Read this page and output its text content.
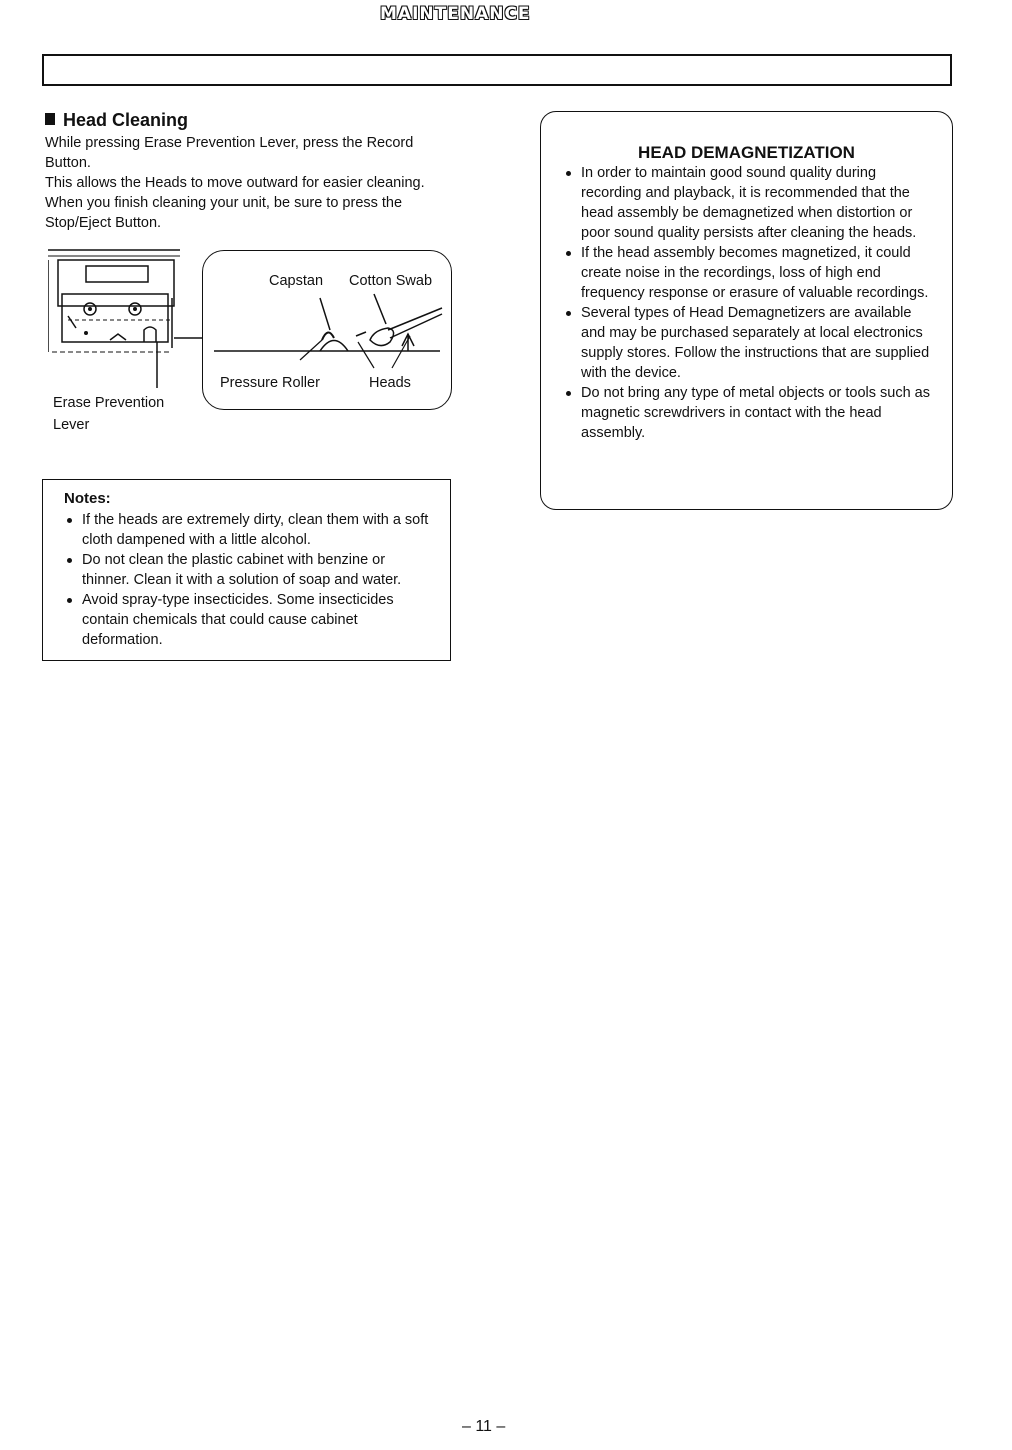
MAINTENANCE
Head Cleaning
While pressing Erase Prevention Lever, press the Record Button.
This allows the Heads to move outward for easier cleaning. When you finish cleaning your unit, be sure to press the Stop/Eject Button.
Capstan Cotton Swab
Pressure Roller	Heads
Erase Prevention
Lever
Notes:
If the heads are extremely dirty, clean them with a soft cloth dampened with a little alcohol.
Do not clean the plastic cabinet with benzine or thinner. Clean it with a solution of soap and water.
Avoid spray-type insecticides. Some insecticides contain chemicals that could cause cabinet deformation.
HEAD DEMAGNETIZATION
In order to maintain good sound quality during recording and playback, it is recommended that the head assembly be demagnetized when distortion or poor sound quality persists after cleaning the heads.
If the head assembly becomes magnetized, it could create noise in the recordings, loss of high end frequency response or erasure of valuable recordings.
Several types of Head Demagnetizers are available and may be purchased separately at local electronics supply stores. Follow the instructions that are supplied with the device.
Do not bring any type of metal objects or tools such as magnetic screwdrivers in contact with the head assembly.
– 11 –
